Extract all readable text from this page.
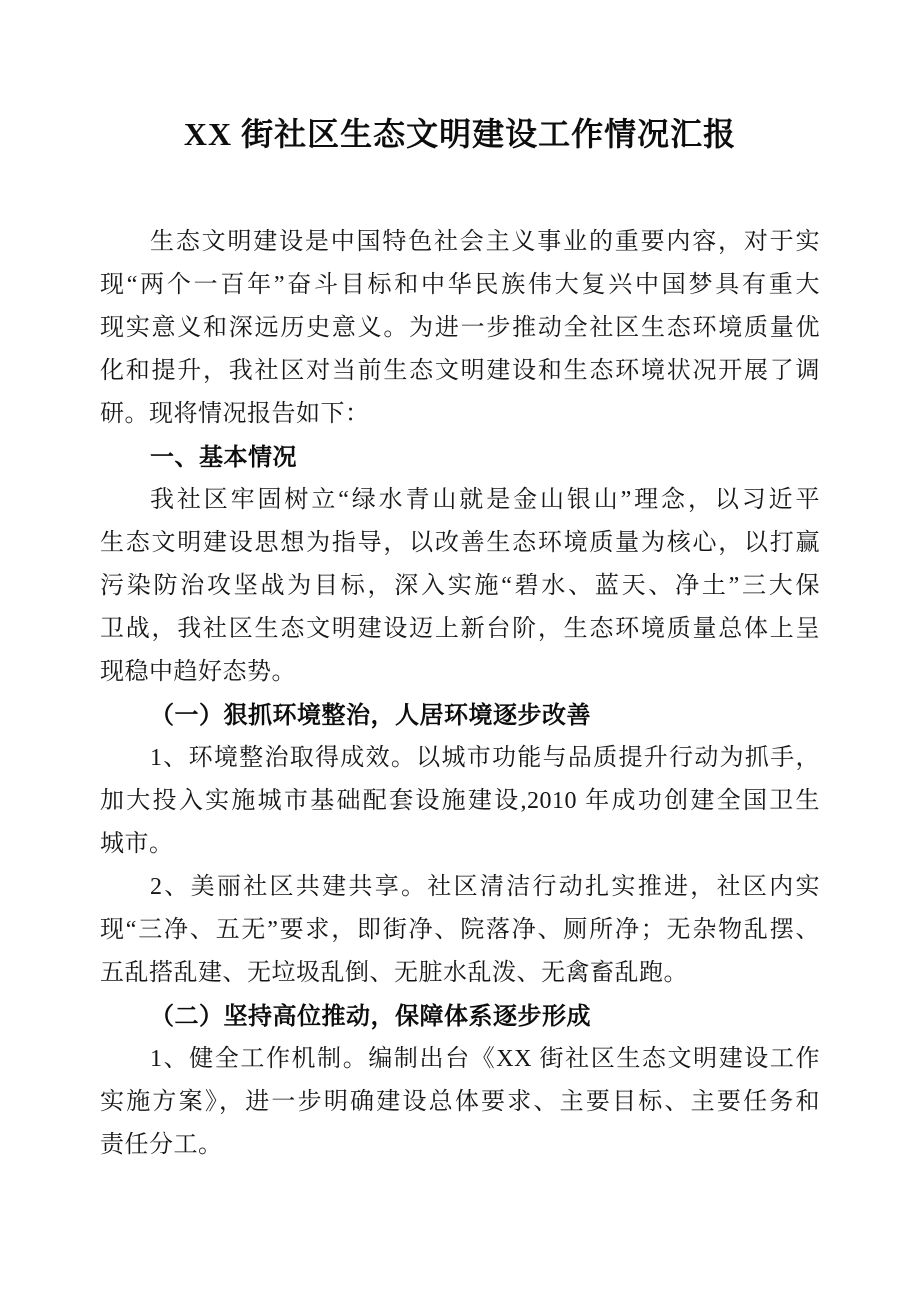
XX 街社区生态文明建设工作情况汇报
生态文明建设是中国特色社会主义事业的重要内容，对于实
现“两个一百年”奋斗目标和中华民族伟大复兴中国梦具有重大
现实意义和深远历史意义。为进一步推动全社区生态环境质量优
化和提升，我社区对当前生态文明建设和生态环境状况开展了调
研。现将情况报告如下：
一、基本情况
我社区牢固树立“绿水青山就是金山银山”理念，以习近平
生态文明建设思想为指导，以改善生态环境质量为核心，以打赢
污染防治攻坚战为目标，深入实施“碧水、蓝天、净土”三大保
卫战，我社区生态文明建设迈上新台阶，生态环境质量总体上呈
现稳中趋好态势。
（一）狠抓环境整治，人居环境逐步改善
1、环境整治取得成效。以城市功能与品质提升行动为抓手，
加大投入实施城市基础配套设施建设,2010 年成功创建全国卫生
城市。
2、美丽社区共建共享。社区清洁行动扎实推进，社区内实
现“三净、五无”要求，即街净、院落净、厕所净；无杂物乱摆、
五乱搭乱建、无垃圾乱倒、无脏水乱泼、无禽畜乱跑。
（二）坚持高位推动，保障体系逐步形成
1、健全工作机制。编制出台《XX 街社区生态文明建设工作
实施方案》，进一步明确建设总体要求、主要目标、主要任务和
责任分工。
